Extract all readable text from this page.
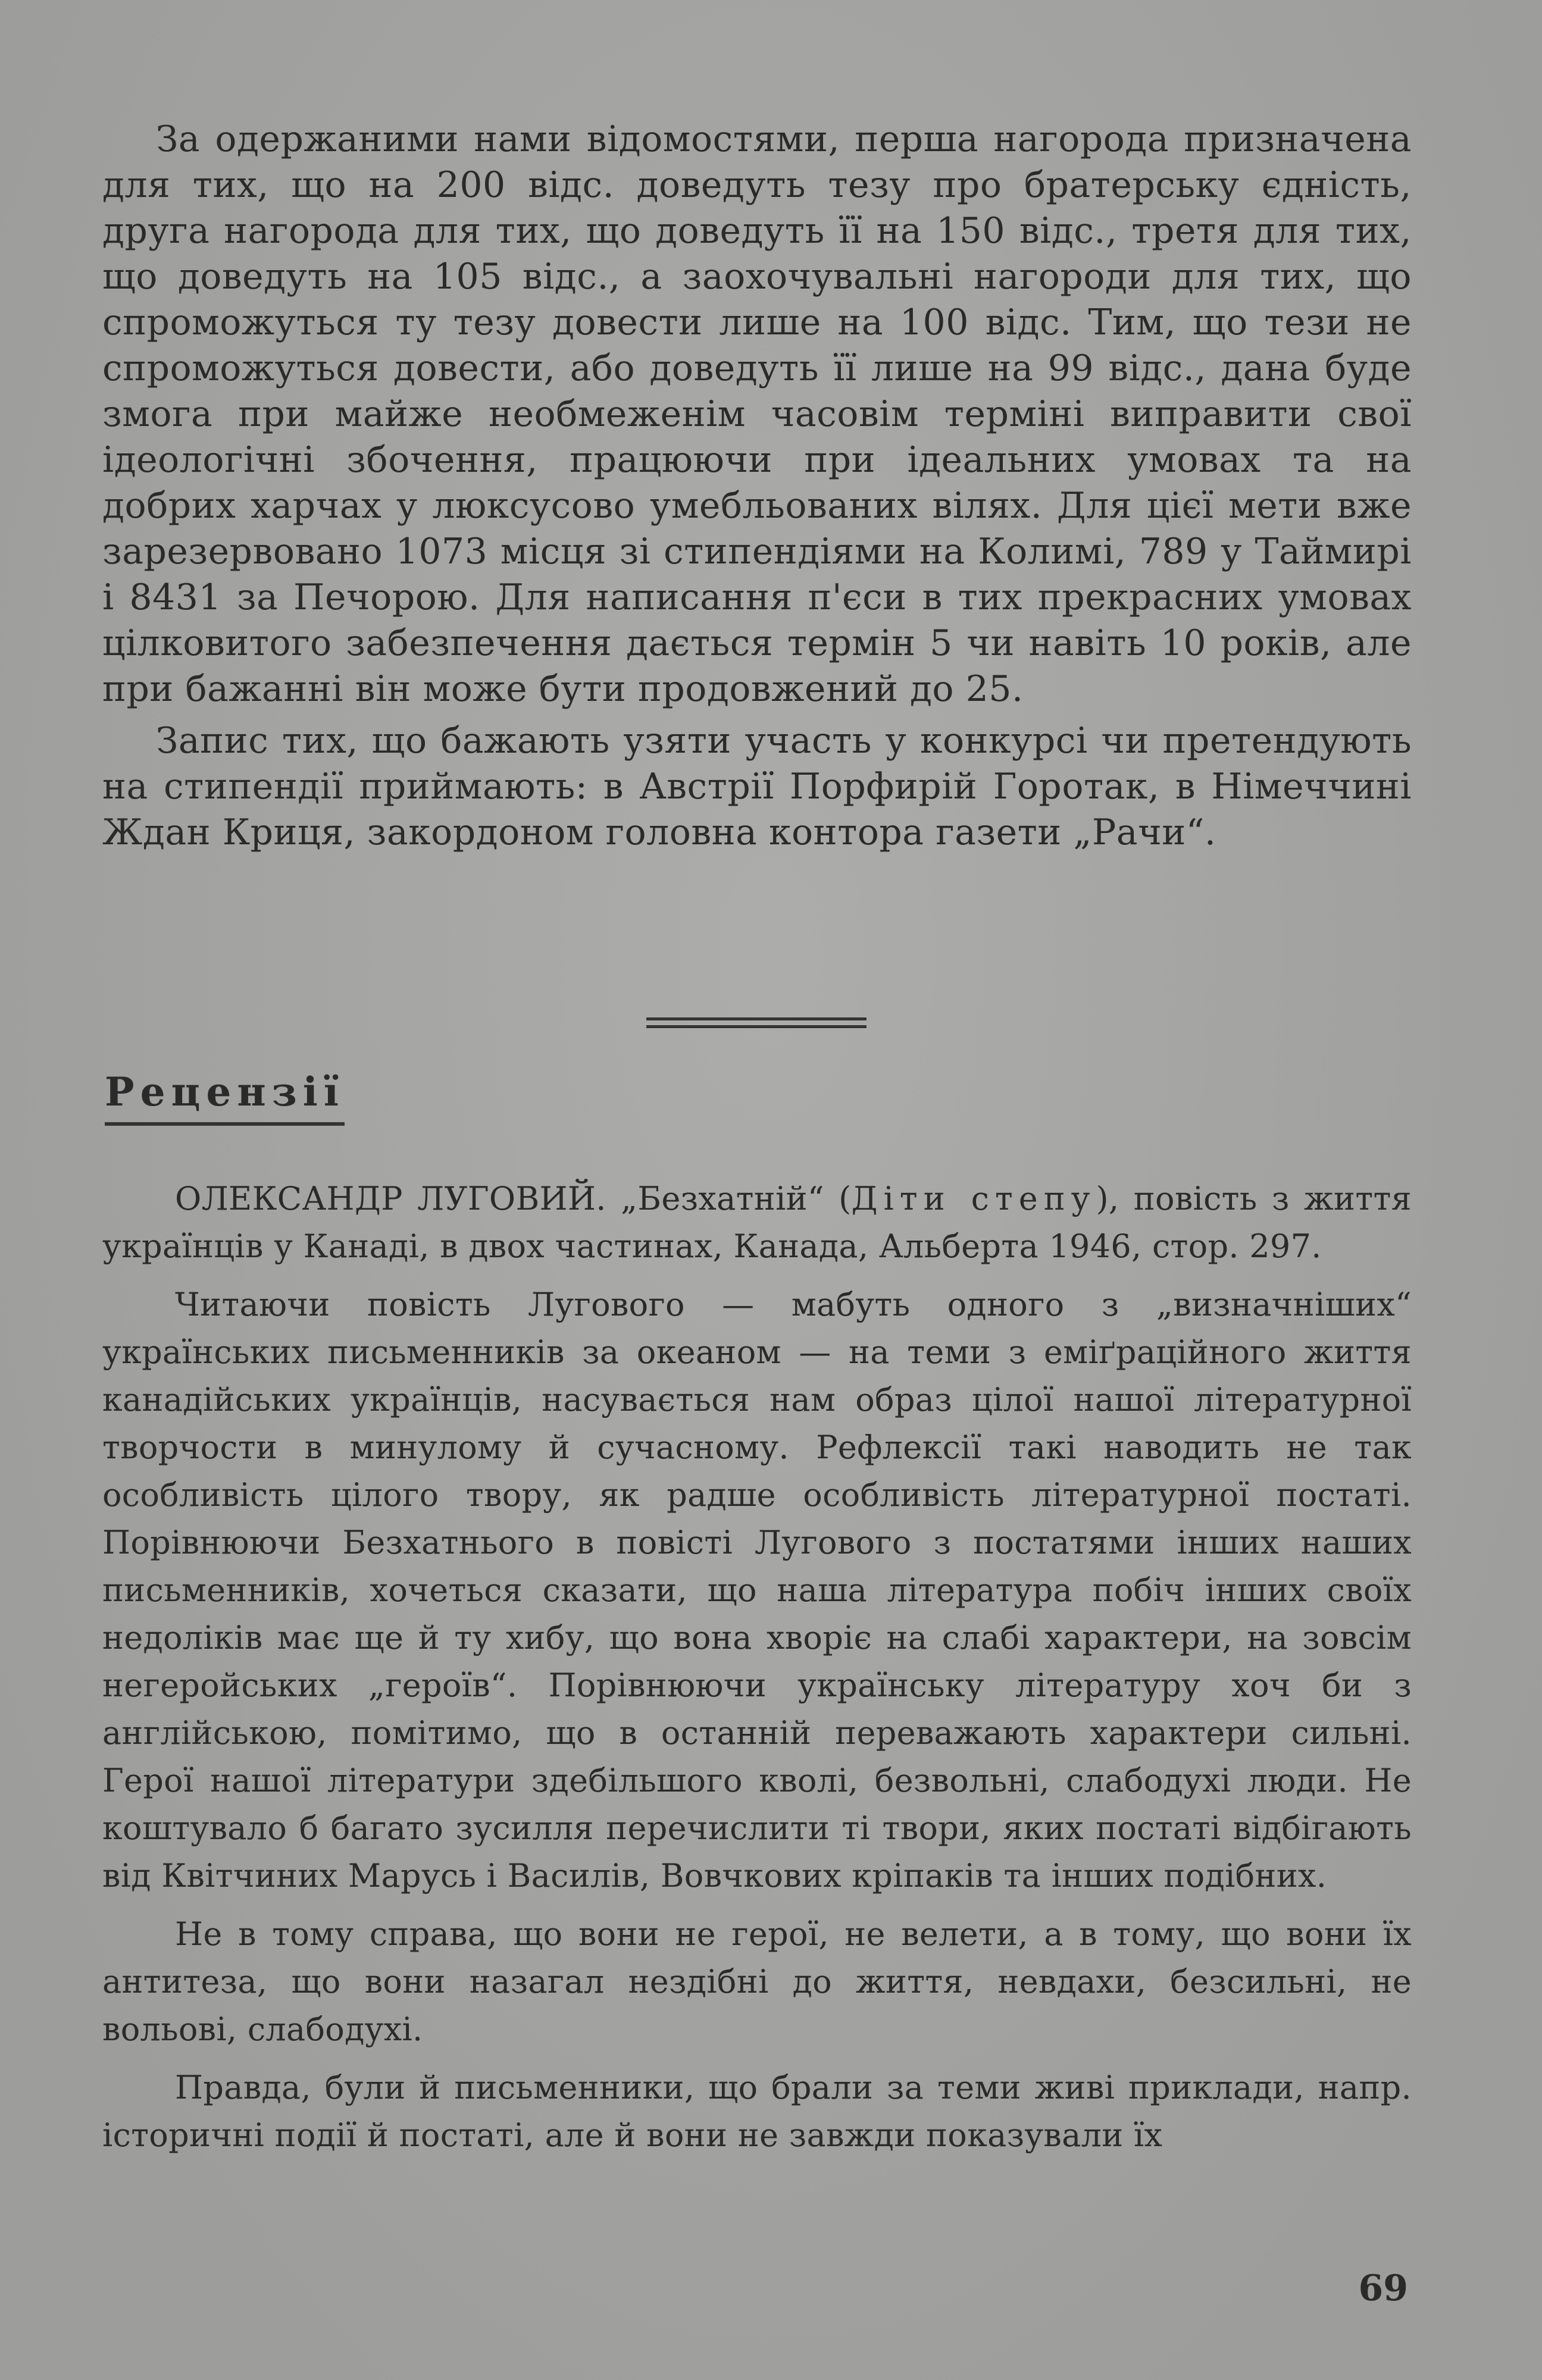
За одержаними нами відомостями, перша нагорода призначена для тих, що на 200 відс. доведуть тезу про братерську єдність, друга нагорода для тих, що доведуть її на 150 відс., третя для тих, що доведуть на 105 відс., а заохочувальні нагороди для тих, що спроможуться ту тезу довести лише на 100 відс. Тим, що тези не спроможуться довести, або доведуть її лише на 99 відс., дана буде змога при майже необмеженім часовім терміні виправити свої ідеологічні збочення, працюючи при ідеальних умовах та на добрих харчах у люксусово умебльованих вілях. Для цієї мети вже зарезервовано 1073 місця зі стипендіями на Колимі, 789 у Таймирі і 8431 за Печорою. Для написання п'єси в тих прекрасних умовах цілковитого забезпечення дається термін 5 чи навіть 10 років, але при бажанні він може бути продовжений до 25.

Запис тих, що бажають узяти участь у конкурсі чи претендують на стипендії приймають: в Австрії Порфирій Горотак, в Німеччині Ждан Криця, закордоном головна контора газети „Рачи“.

Рецензії

ОЛЕКСАНДР ЛУГОВИЙ. „Безхатній“ (Діти степу), повість з життя українців у Канаді, в двох частинах, Канада, Альберта 1946, стор. 297.

Читаючи повість Лугового — мабуть одного з „визначніших“ українських письменників за океаном — на теми з еміґраційного життя канадійських українців, насувається нам образ цілої нашої літературної творчости в минулому й сучасному. Рефлексії такі наводить не так особливість цілого твору, як радше особливість літературної постаті. Порівнюючи Безхатнього в повісті Лугового з постатями інших наших письменників, хочеться сказати, що наша література побіч інших своїх недоліків має ще й ту хибу, що вона хворіє на слабі характери, на зовсім негеройських „героїв“. Порівнюючи українську літературу хоч би з англійською, помітимо, що в останній переважають характери сильні. Герої нашої літератури здебільшого кволі, безвольні, слабодухі люди. Не коштувало б багато зусилля перечислити ті твори, яких постаті відбігають від Квітчиних Марусь і Василів, Вовчкових кріпаків та інших подібних.

Не в тому справа, що вони не герої, не велети, а в тому, що вони їх антитеза, що вони назагал нездібні до життя, невдахи, безсильні, не вольові, слабодухі.

Правда, були й письменники, що брали за теми живі приклади, напр. історичні події й постаті, але й вони не завжди показували їх

69
